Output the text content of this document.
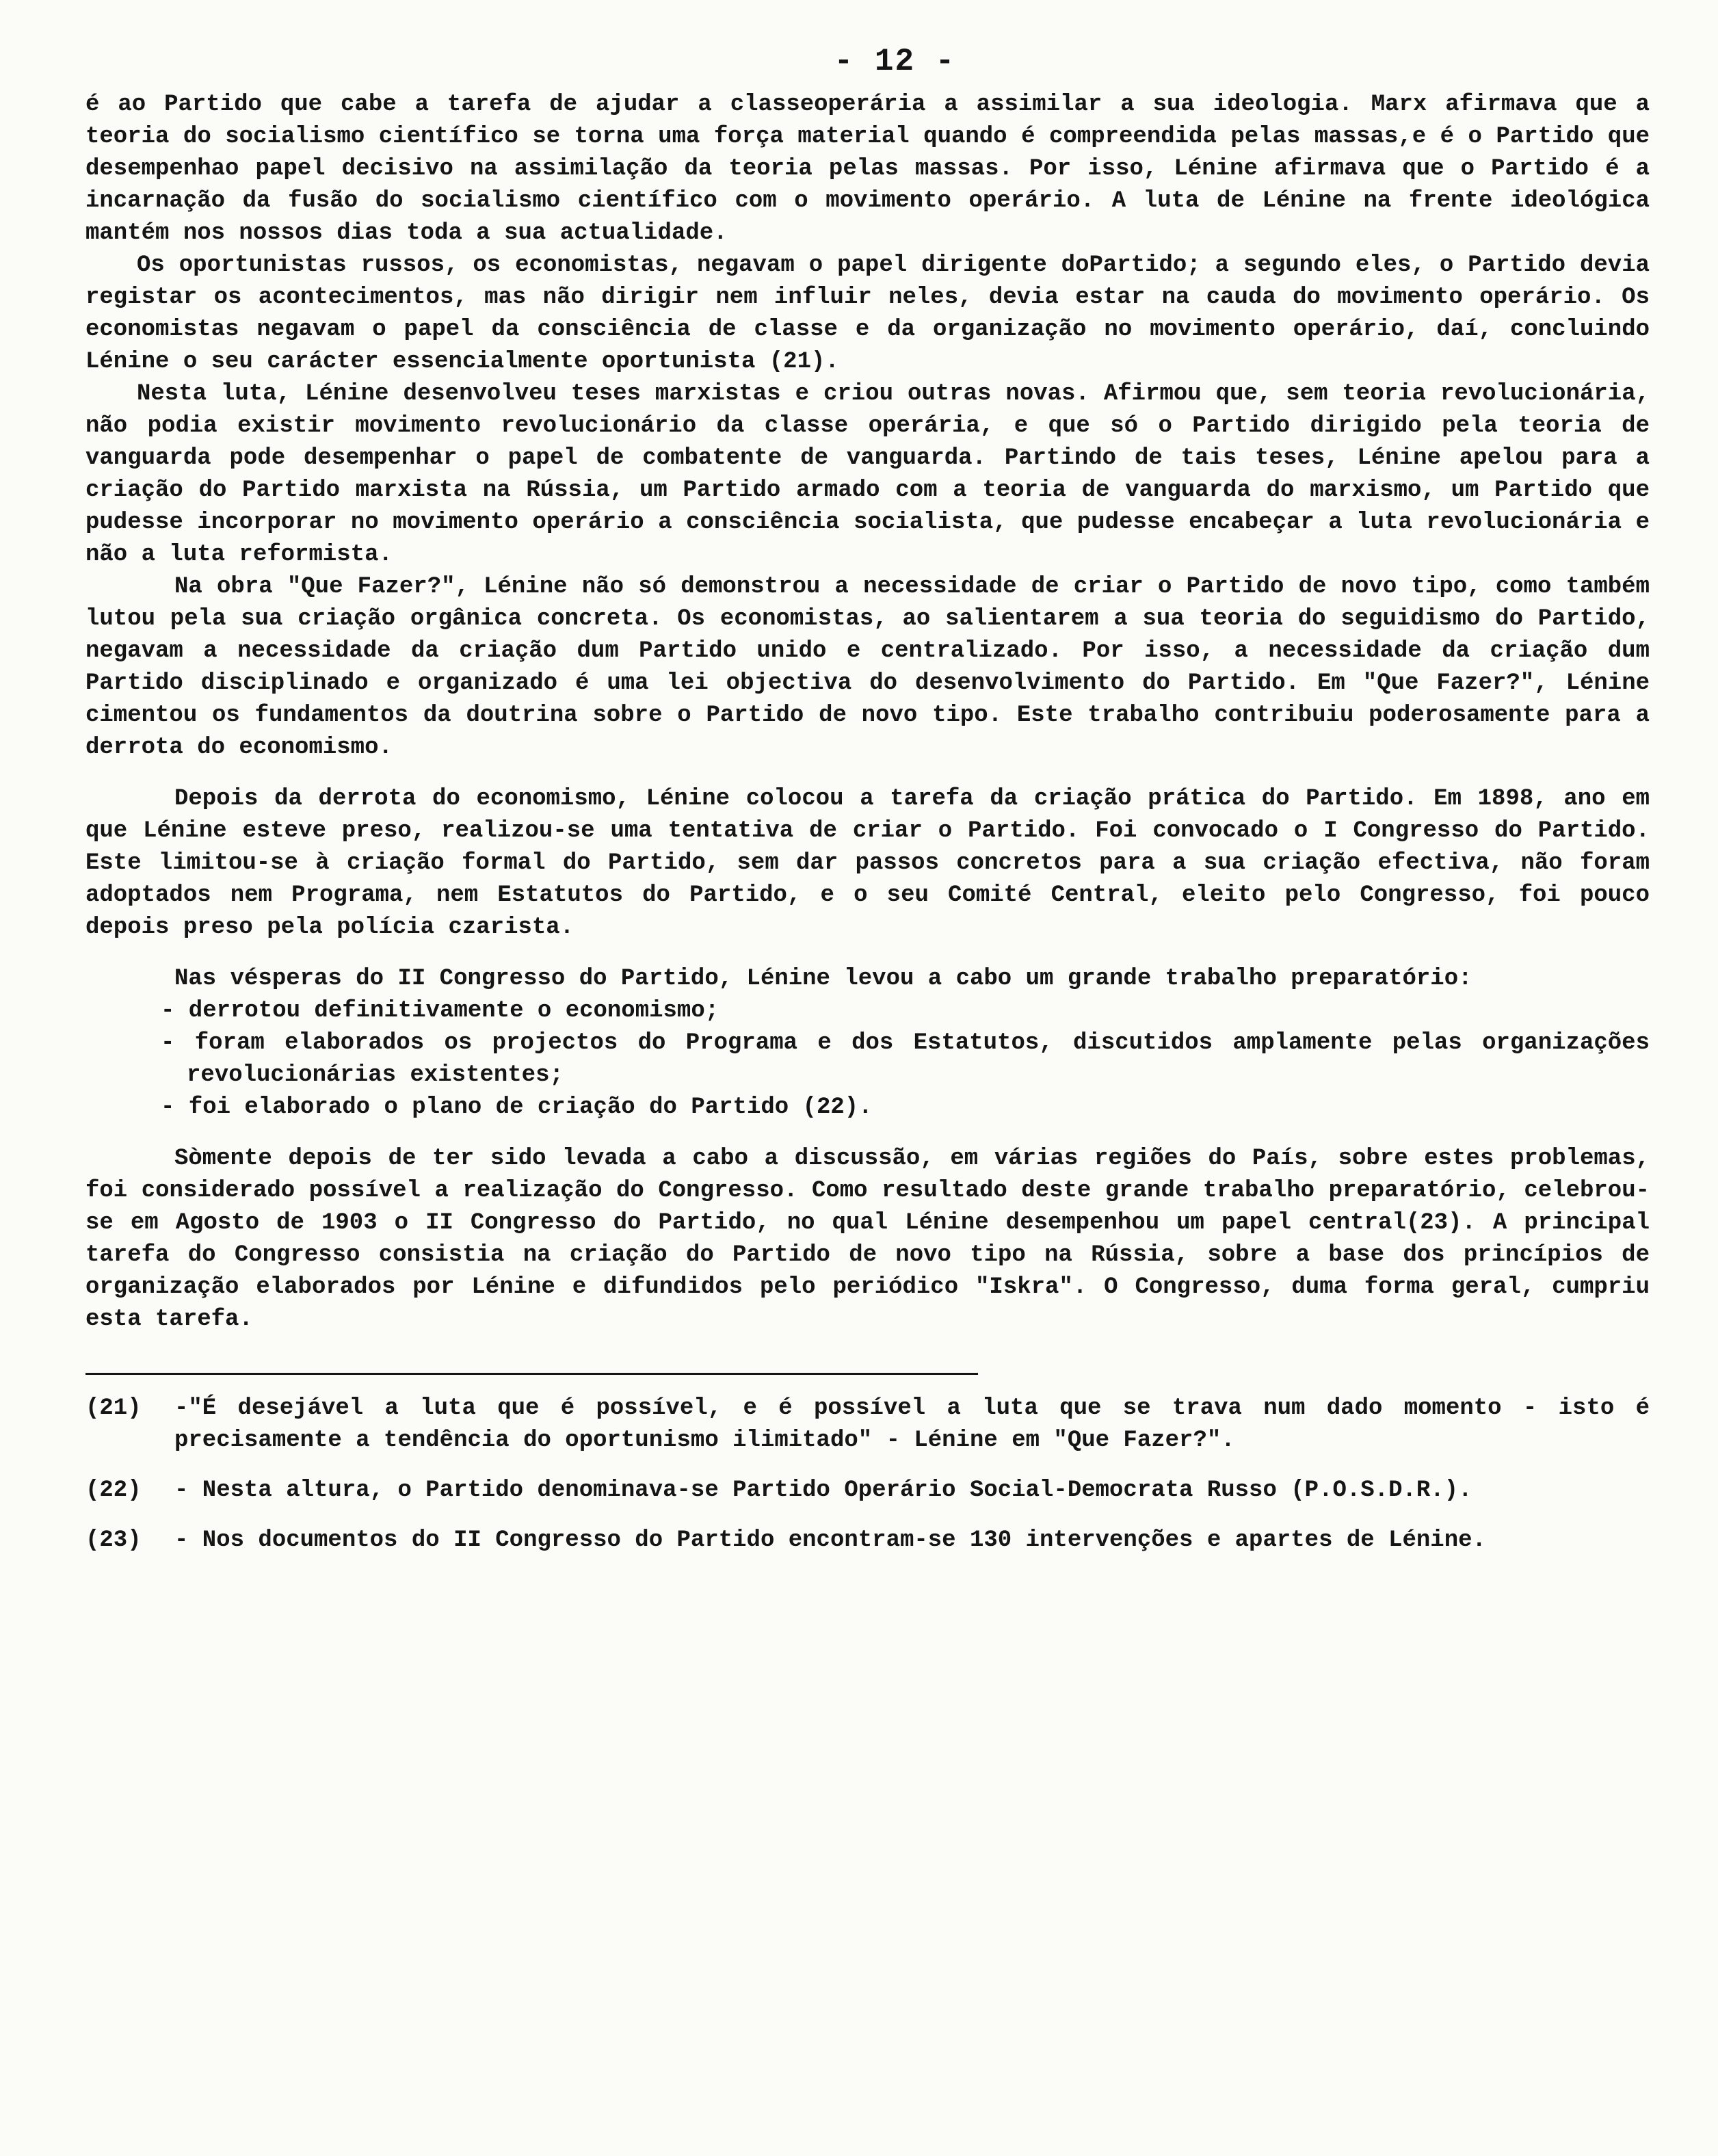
- 12 -

é ao Partido que cabe a tarefa de ajudar a classeoperária a assimilar a sua ideologia. Marx afirmava que a teoria do socialismo científico se torna uma força material quando é compreendida pelas massas,e é o Partido que desempenhao papel decisivo na assimilação da teoria pelas massas. Por isso, Lénine afirmava que o Partido é a incarnação da fusão do socialismo científico com o movimento operário. A luta de Lénine na frente ideológica mantém nos nossos dias toda a sua actualidade.

Os oportunistas russos, os economistas, negavam o papel dirigente doPartido; a segundo eles, o Partido devia registar os acontecimentos, mas não dirigir nem influir neles, devia estar na cauda do movimento operário. Os economistas negavam o papel da consciência de classe e da organização no movimento operário, daí, concluindo Lénine o seu carácter essencialmente oportunista (21).

Nesta luta, Lénine desenvolveu teses marxistas e criou outras novas. Afirmou que, sem teoria revolucionária, não podia existir movimento revolucionário da classe operária, e que só o Partido dirigido pela teoria de vanguarda pode desempenhar o papel de combatente de vanguarda. Partindo de tais teses, Lénine apelou para a criação do Partido marxista na Rússia, um Partido armado com a teoria de vanguarda do marxismo, um Partido que pudesse incorporar no movimento operário a consciência socialista, que pudesse encabeçar a luta revolucionária e não a luta reformista.

Na obra "Que Fazer?", Lénine não só demonstrou a necessidade de criar o Partido de novo tipo, como também lutou pela sua criação orgânica concreta. Os economistas, ao salientarem a sua teoria do seguidismo do Partido, negavam a necessidade da criação dum Partido unido e centralizado. Por isso, a necessidade da criação dum Partido disciplinado e organizado é uma lei objectiva do desenvolvimento do Partido. Em "Que Fazer?", Lénine cimentou os fundamentos da doutrina sobre o Partido de novo tipo. Este trabalho contribuiu poderosamente para a derrota do economismo.

Depois da derrota do economismo, Lénine colocou a tarefa da criação prática do Partido. Em 1898, ano em que Lénine esteve preso, realizou-se uma tentativa de criar o Partido. Foi convocado o I Congresso do Partido. Este limitou-se à criação formal do Partido, sem dar passos concretos para a sua criação efectiva, não foram adoptados nem Programa, nem Estatutos do Partido, e o seu Comité Central, eleito pelo Congresso, foi pouco depois preso pela polícia czarista.

Nas vésperas do II Congresso do Partido, Lénine levou a cabo um grande trabalho preparatório:

- derrotou definitivamente o economismo;
- foram elaborados os projectos do Programa e dos Estatutos, discutidos amplamente pelas organizações revolucionárias existentes;
- foi elaborado o plano de criação do Partido (22).

Sòmente depois de ter sido levada a cabo a discussão, em várias regiões do País, sobre estes problemas, foi considerado possível a realização do Congresso. Como resultado deste grande trabalho preparatório, celebrou-se em Agosto de 1903 o II Congresso do Partido, no qual Lénine desempenhou um papel central(23). A principal tarefa do Congresso consistia na criação do Partido de novo tipo na Rússia, sobre a base dos princípios de organização elaborados por Lénine e difundidos pelo periódico "Iskra". O Congresso, duma forma geral, cumpriu esta tarefa.

(21)	-"É desejável a luta que é possível, e é possível a luta que se trava num dado momento - isto é precisamente a tendência do oportunismo ilimitado" - Lénine em "Que Fazer?".
(22)	- Nesta altura, o Partido denominava-se Partido Operário Social-Democrata Russo (P.O.S.D.R.).
(23)	- Nos documentos do II Congresso do Partido encontram-se 130 intervenções e apartes de Lénine.
